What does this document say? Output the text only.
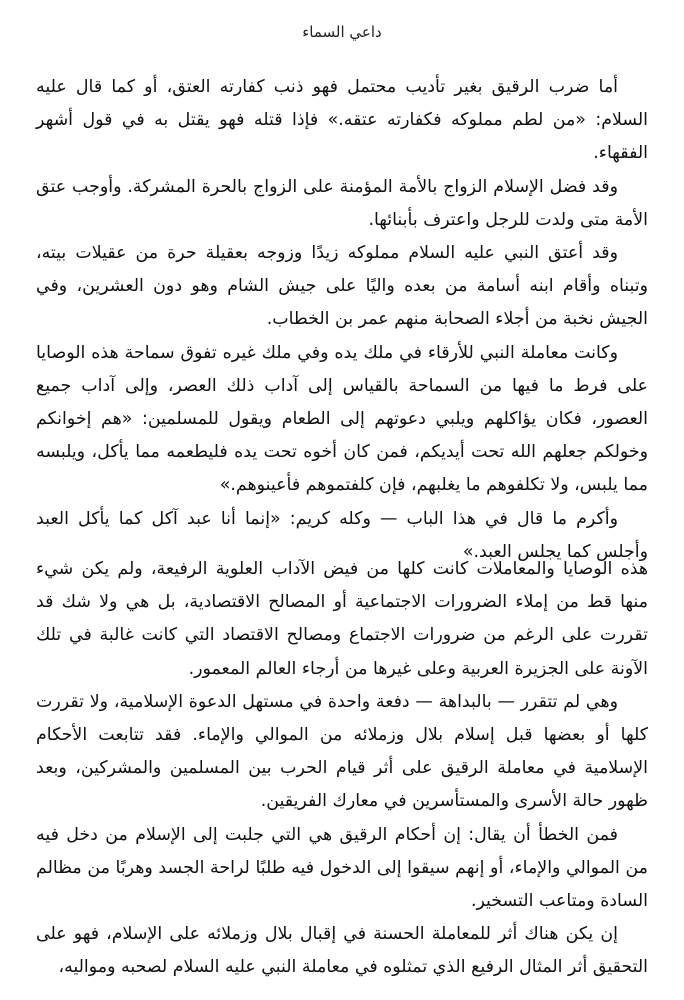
داعي السماء

أما ضرب الرقيق بغير تأديب محتمل فهو ذنب كفارته العتق، أو كما قال عليه السلام: «من لطم مملوكه فكفارته عتقه.» فإذا قتله فهو يقتل به في قول أشهر الفقهاء.

وقد فضل الإسلام الزواج بالأمة المؤمنة على الزواج بالحرة المشركة. وأوجب عتق الأمة متى ولدت للرجل واعترف بأبنائها.

وقد أعتق النبي عليه السلام مملوكه زيدًا وزوجه بعقيلة حرة من عقيلات بيته، وتبناه وأقام ابنه أسامة من بعده واليًا على جيش الشام وهو دون العشرين، وفي الجيش نخبة من أجلاء الصحابة منهم عمر بن الخطاب.

وكانت معاملة النبي للأرقاء في ملك يده وفي ملك غيره تفوق سماحة هذه الوصايا على فرط ما فيها من السماحة بالقياس إلى آداب ذلك العصر، وإلى آداب جميع العصور، فكان يؤاكلهم ويلبي دعوتهم إلى الطعام ويقول للمسلمين: «هم إخوانكم وخولكم جعلهم الله تحت أيديكم، فمن كان أخوه تحت يده فليطعمه مما يأكل، ويلبسه مما يلبس، ولا تكلفوهم ما يغلبهم، فإن كلفتموهم فأعينوهم.»

وأكرم ما قال في هذا الباب — وكله كريم: «إنما أنا عبد آكل كما يأكل العبد وأجلس كما يجلس العبد.»

هذه الوصايا والمعاملات كانت كلها من فيض الآداب العلوية الرفيعة، ولم يكن شيء منها قط من إملاء الضرورات الاجتماعية أو المصالح الاقتصادية، بل هي ولا شك قد تقررت على الرغم من ضرورات الاجتماع ومصالح الاقتصاد التي كانت غالبة في تلك الآونة على الجزيرة العربية وعلى غيرها من أرجاء العالم المعمور.

وهي لم تتقرر — بالبداهة — دفعة واحدة في مستهل الدعوة الإسلامية، ولا تقررت كلها أو بعضها قبل إسلام بلال وزملائه من الموالي والإماء. فقد تتابعت الأحكام الإسلامية في معاملة الرقيق على أثر قيام الحرب بين المسلمين والمشركين، وبعد ظهور حالة الأسرى والمستأسرين في معارك الفريقين.

فمن الخطأ أن يقال: إن أحكام الرقيق هي التي جلبت إلى الإسلام من دخل فيه من الموالي والإماء، أو إنهم سيقوا إلى الدخول فيه طلبًا لراحة الجسد وهربًا من مظالم السادة ومتاعب التسخير.

إن يكن هناك أثر للمعاملة الحسنة في إقبال بلال وزملائه على الإسلام، فهو على التحقيق أثر المثال الرفيع الذي تمثلوه في معاملة النبي عليه السلام لصحبه ومواليه،
